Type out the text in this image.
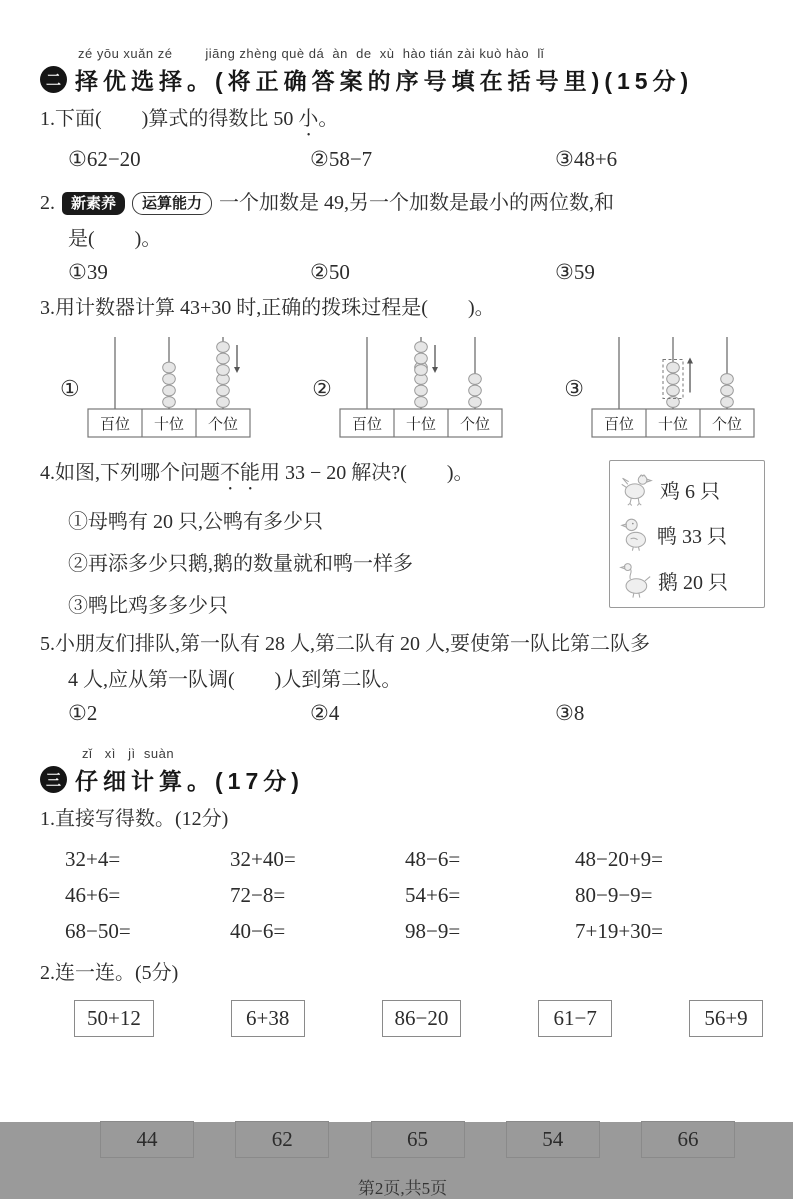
zé yōu xuǎn zé        jiāng zhèng què dá  àn  de  xù  hào tián zài kuò hào  lǐ
二 择优选择。(将正确答案的序号填在括号里)(15分)
1.下面(　　)算式的得数比 50 小。
①62−20	②58−7	③48+6
2.	新素养	运算能力 一个加数是 49,另一个加数是最小的两位数,和
是(　　)。
①39	②50	③59
3.用计数器计算 43+30 时,正确的拨珠过程是(　　)。
①
百位 十位 个位
②
百位 十位 个位
③
百位 十位 个位
4.如图,下列哪个问题不能用 33 − 20 解决?(　　)。
①母鸭有 20 只,公鸭有多少只
②再添多少只鹅,鹅的数量就和鸭一样多
③鸭比鸡多多少只
鸡 6 只
鸭 33 只
鹅 20 只
5.小朋友们排队,第一队有 28 人,第二队有 20 人,要使第一队比第二队多
4 人,应从第一队调(　　)人到第二队。
①2	②4	③8
zǐ   xì   jì  suàn
三 仔细计算。(17分)
1.直接写得数。(12分)
32+4=	32+40=	48−6=	48−20+9=
46+6=	72−8=	54+6=	80−9−9=
68−50=	40−6=	98−9=	7+19+30=
2.连一连。(5分)
50+12	6+38	86−20	61−7	56+9
44	62	65	54	66
第2页,共5页
